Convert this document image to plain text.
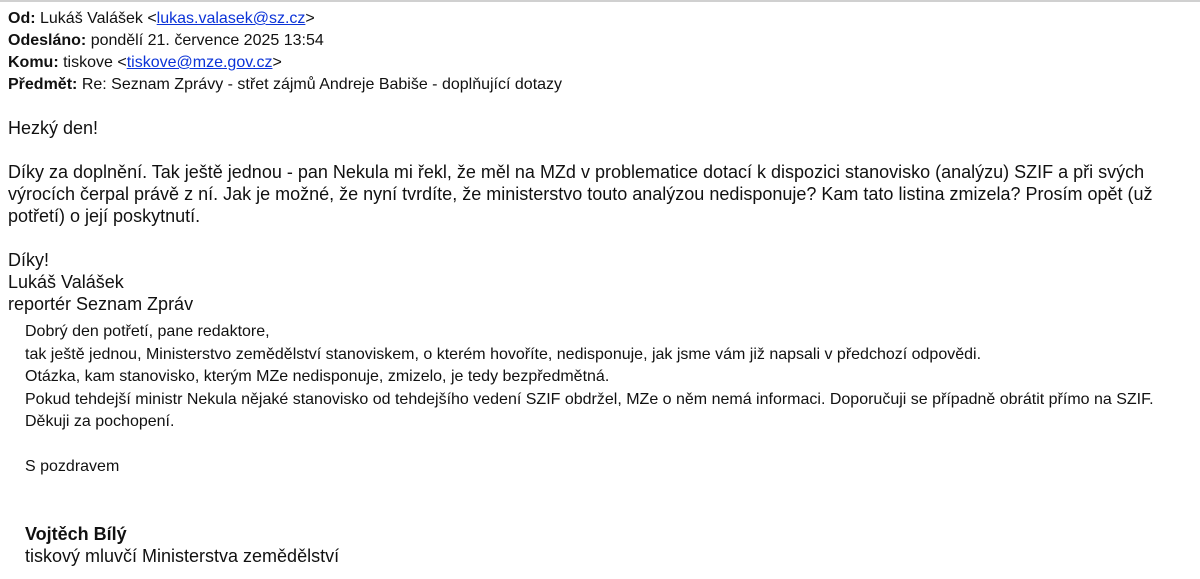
Od: Lukáš Valášek <lukas.valasek@sz.cz>
Odesláno: pondělí 21. července 2025 13:54
Komu: tiskove <tiskove@mze.gov.cz>
Předmět: Re: Seznam Zprávy - střet zájmů Andreje Babiše - doplňující dotazy

Hezký den!

Díky za doplnění. Tak ještě jednou - pan Nekula mi řekl, že měl na MZd v problematice dotací k dispozici stanovisko (analýzu) SZIF a při svých výrocích čerpal právě z ní. Jak je možné, že nyní tvrdíte, že ministerstvo touto analýzou nedisponuje? Kam tato listina zmizela? Prosím opět (už potřetí) o její poskytnutí.

Díky!

Lukáš Valášek

reportér Seznam Zpráv

Dobrý den potřetí, pane redaktore,

tak ještě jednou, Ministerstvo zemědělství stanoviskem, o kterém hovoříte, nedisponuje, jak jsme vám již napsali v předchozí odpovědi.

Otázka, kam stanovisko, kterým MZe nedisponuje, zmizelo, je tedy bezpředmětná.

Pokud tehdejší ministr Nekula nějaké stanovisko od tehdejšího vedení SZIF obdržel, MZe o něm nemá informaci. Doporučuji se případně obrátit přímo na SZIF.

Děkuji za pochopení.

S pozdravem

Vojtěch Bílý

tiskový mluvčí Ministerstva zemědělství
